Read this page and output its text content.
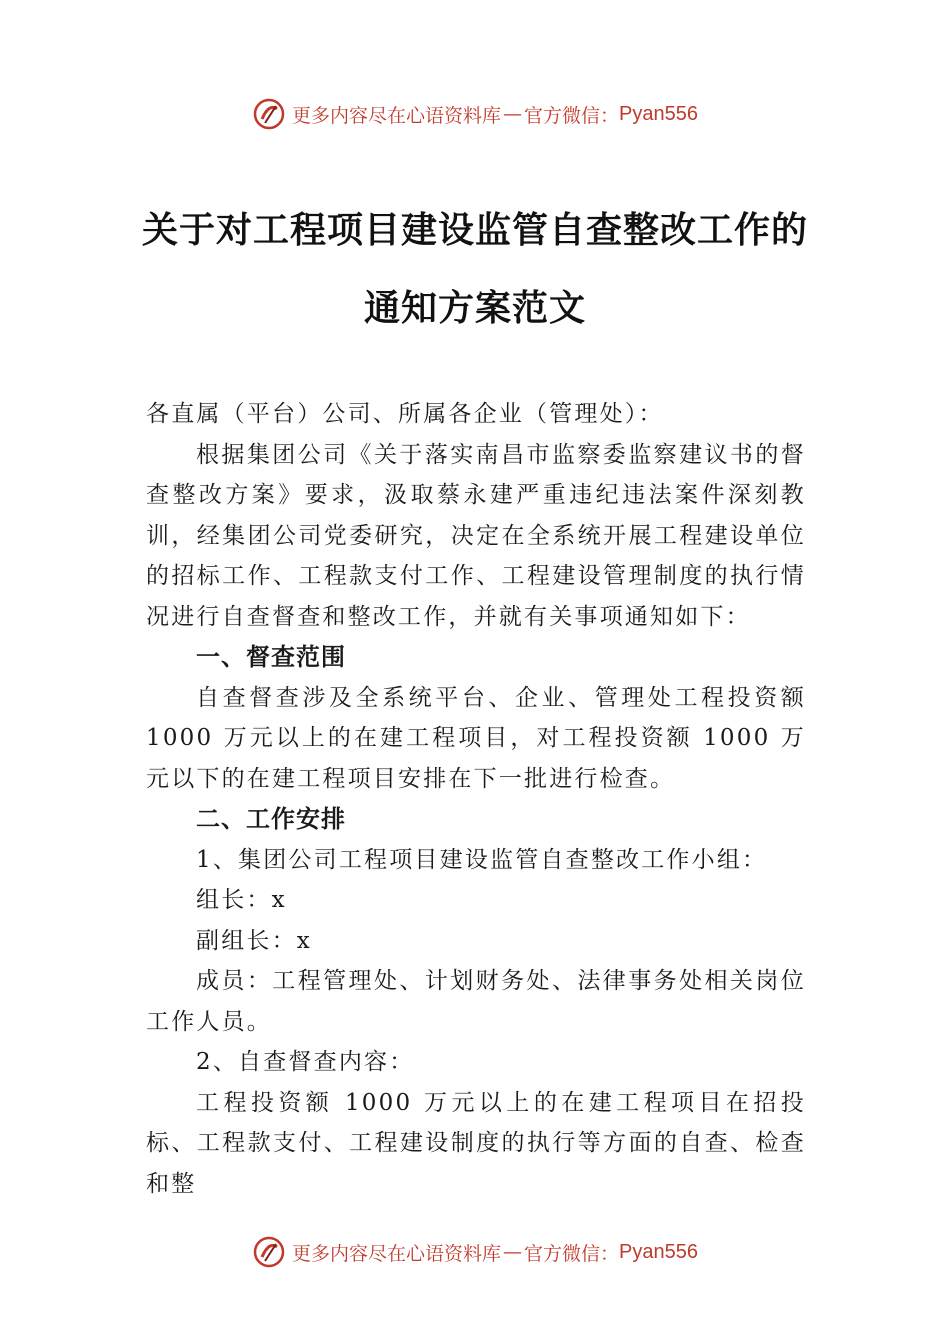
更多内容尽在心语资料库 — 官方微信： Pyan556
关于对工程项目建设监管自查整改工作的
通知方案范文

各直属（平台）公司、所属各企业（管理处）：

根据集团公司《关于落实南昌市监察委监察建议书的督查整改方案》要求，汲取蔡永建严重违纪违法案件深刻教训，经集团公司党委研究，决定在全系统开展工程建设单位的招标工作、工程款支付工作、工程建设管理制度的执行情况进行自查督查和整改工作，并就有关事项通知如下：

一、督查范围

自查督查涉及全系统平台、企业、管理处工程投资额1000 万元以上的在建工程项目，对工程投资额 1000 万元以下的在建工程项目安排在下一批进行检查。

二、工作安排

1、集团公司工程项目建设监管自查整改工作小组：

组长：x

副组长：x

成员：工程管理处、计划财务处、法律事务处相关岗位工作人员。

2、自查督查内容：

工程投资额 1000 万元以上的在建工程项目在招投标、工程款支付、工程建设制度的执行等方面的自查、检查和整

更多内容尽在心语资料库 — 官方微信： Pyan556
